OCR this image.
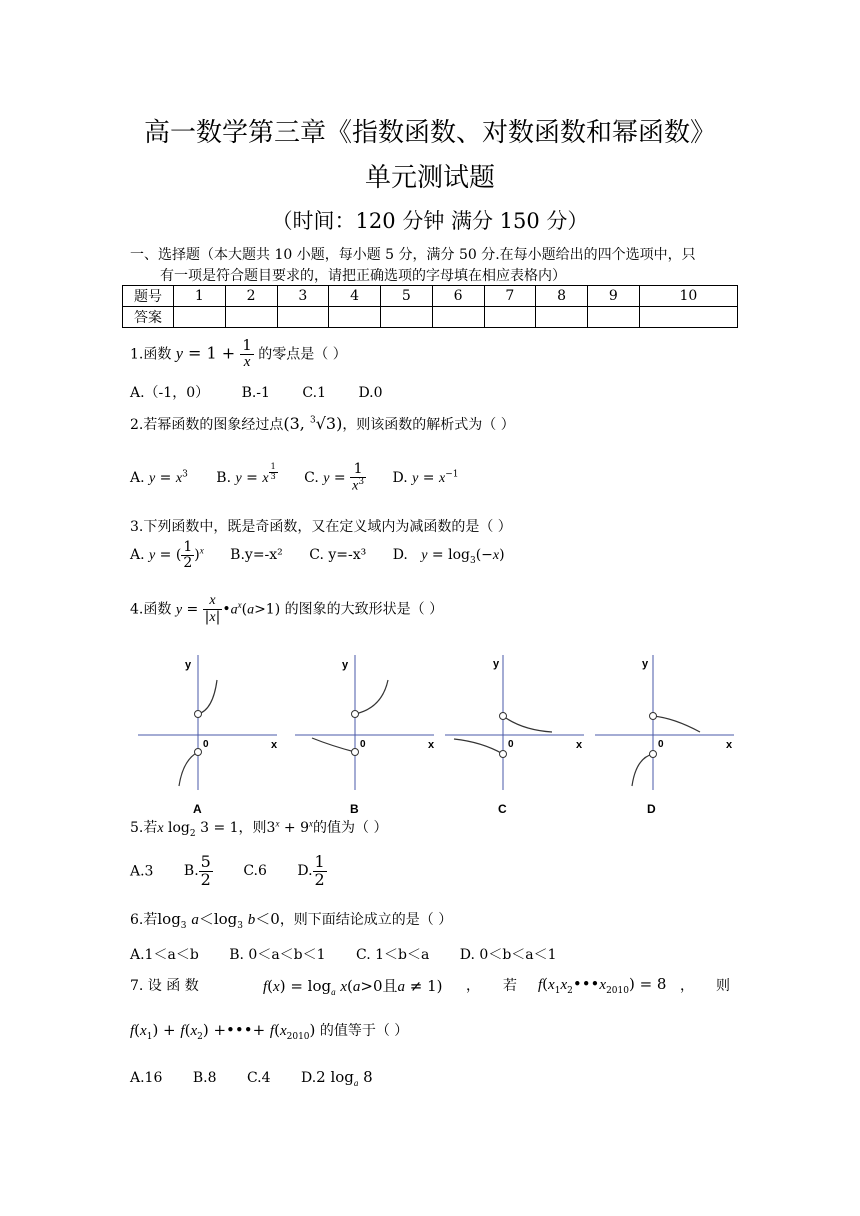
高一数学第三章《指数函数、对数函数和幂函数》
单元测试题
（时间：120 分钟 满分 150 分）
一、选择题（本大题共 10 小题，每小题 5 分，满分 50 分.在每小题给出的四个选项中，只
有一项是符合题目要求的，请把正确选项的字母填在相应表格内）
题号	1	2	3	4	5	6	7	8	9	10
答案										
1.函数 $y = 1 + \frac{1}{x}$ 的零点是（ ）
A.（-1，0） B.-1 C.1 D.0
2.若幂函数的图象经过点(3, $^3$√3)，则该函数的解析式为（ ）
A. $y = x^3$ B. y = x $^{\frac{1}{3}}$ C. $y = \frac{1}{x^3} D$. $y = x^{-1}$
3.下列函数中，既是奇函数，又在定义域内为减函数的是（ ）
A. y = ( $\frac{1}{2} )^x$ B.y=-x² C. y=-x³ D. $y = \log_3(-x)$
4.函数 $y = \frac{x}{|x|}$ $•a^x(a>1)$ 的图象的大致形状是（ ）
y
x
0
A
y
x
0
B
y
x
0
C
y
x
0
D
5.若x $\log_2 3 = 1$，则$3^x + 9^x$的值为（ ）
A.3 B. $\frac{5}{2} C.6$ D. $\frac{1}{2}$
6.若$\log_3 a<\log_3$ b＜0，则下面结论成立的是（ ）
A.1＜a＜b B. 0＜a＜b＜1 C. 1＜b＜a D. 0＜b＜a＜1
7. 设 函 数	$f(x) = \log_a x(a>0$且a ≠ 1) ， 若 $f(x_1x_2•••x_{2010}) = 8$ ， 则
$f(x_1) + f(x_2)$ +•••+ $f(x_{2010})$ 的值等于（ ）
A.16 B.8 C.4 D.2 $\log_a 8$
